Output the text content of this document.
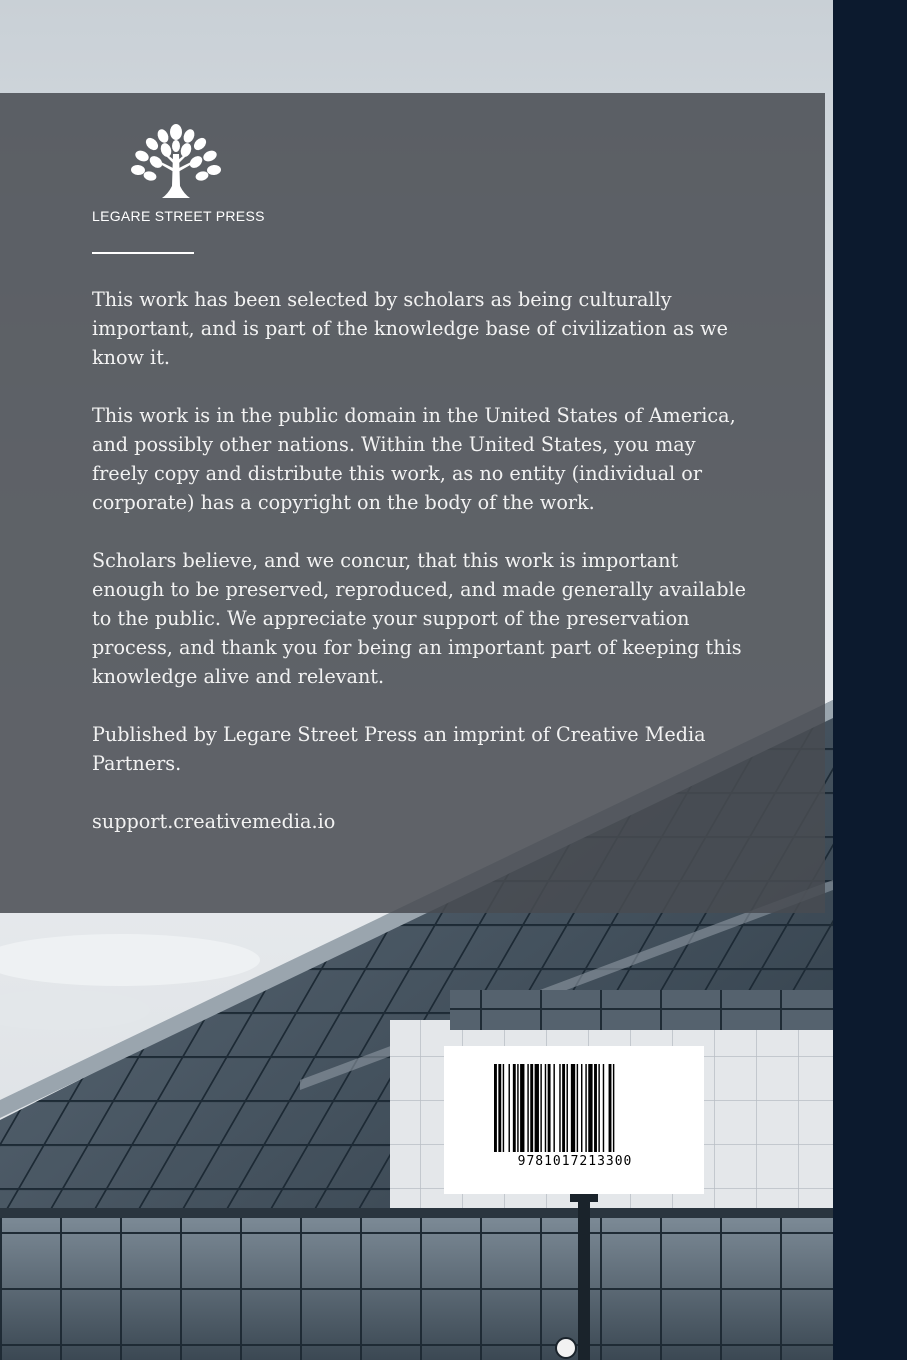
LEGARE STREET PRESS

This work has been selected by scholars as being culturally important, and is part of the knowledge base of civilization as we know it.

This work is in the public domain in the United States of America, and possibly other nations. Within the United States, you may freely copy and distribute this work, as no entity (individual or corporate) has a copyright on the body of the work.

Scholars believe, and we concur, that this work is important enough to be preserved, reproduced, and made generally available to the public. We appreciate your support of the preservation process, and thank you for being an important part of keeping this knowledge alive and relevant.

Published by Legare Street Press an imprint of Creative Media Partners.

support.creativemedia.io

9781017213300
